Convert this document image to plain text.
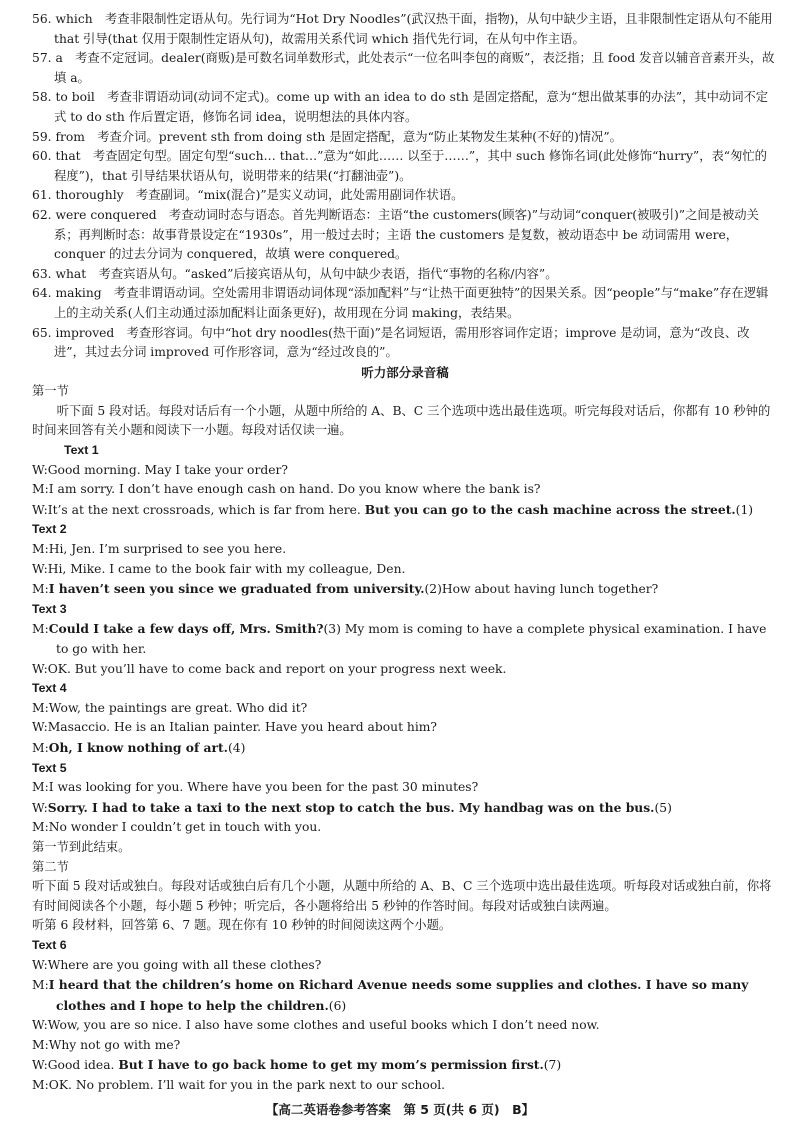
56. which　考查非限制性定语从句。先行词为“Hot Dry Noodles”(武汉热干面，指物)，从句中缺少主语，且非限制性定语从句不能用 that 引导(that 仅用于限制性定语从句)，故需用关系代词 which 指代先行词，在从句中作主语。

57. a　考查不定冠词。dealer(商贩)是可数名词单数形式，此处表示“一位名叫李包的商贩”，表泛指；且 food 发音以辅音音素开头，故填 a。

58. to boil　考查非谓语动词(动词不定式)。come up with an idea to do sth 是固定搭配，意为“想出做某事的办法”，其中动词不定式 to do sth 作后置定语，修饰名词 idea，说明想法的具体内容。

59. from　考查介词。prevent sth from doing sth 是固定搭配，意为“防止某物发生某种(不好的)情况”。

60. that　考查固定句型。固定句型“such… that…”意为“如此…… 以至于……”，其中 such 修饰名词(此处修饰“hurry”，表“匆忙的程度”)，that 引导结果状语从句，说明带来的结果(“打翻油壶”)。

61. thoroughly　考查副词。“mix(混合)”是实义动词，此处需用副词作状语。

62. were conquered　考查动词时态与语态。首先判断语态：主语“the customers(顾客)”与动词“conquer(被吸引)”之间是被动关系；再判断时态：故事背景设定在“1930s”，用一般过去时；主语 the customers 是复数，被动语态中 be 动词需用 were，conquer 的过去分词为 conquered，故填 were conquered。

63. what　考查宾语从句。“asked”后接宾语从句，从句中缺少表语，指代“事物的名称/内容”。

64. making　考查非谓语动词。空处需用非谓语动词体现“添加配料”与“让热干面更独特”的因果关系。因“people”与“make”存在逻辑上的主动关系(人们主动通过添加配料让面条更好)，故用现在分词 making，表结果。

65. improved　考查形容词。句中“hot dry noodles(热干面)”是名词短语，需用形容词作定语；improve 是动词，意为“改良、改进”，其过去分词 improved 可作形容词，意为“经过改良的”。

听力部分录音稿

第一节

听下面 5 段对话。每段对话后有一个小题，从题中所给的 A、B、C 三个选项中选出最佳选项。听完每段对话后，你都有 10 秒钟的时间来回答有关小题和阅读下一小题。每段对话仅读一遍。

Text 1

W:Good morning. May I take your order?

M:I am sorry. I don’t have enough cash on hand. Do you know where the bank is?

W:It’s at the next crossroads, which is far from here. But you can go to the cash machine across the street.(1)

Text 2

M:Hi, Jen. I’m surprised to see you here.

W:Hi, Mike. I came to the book fair with my colleague, Den.

M:I haven’t seen you since we graduated from university.(2)How about having lunch together?

Text 3

M:Could I take a few days off, Mrs. Smith?(3) My mom is coming to have a complete physical examination. I have to go with her.

W:OK. But you’ll have to come back and report on your progress next week.

Text 4

M:Wow, the paintings are great. Who did it?

W:Masaccio. He is an Italian painter. Have you heard about him?

M:Oh, I know nothing of art.(4)

Text 5

M:I was looking for you. Where have you been for the past 30 minutes?

W:Sorry. I had to take a taxi to the next stop to catch the bus. My handbag was on the bus.(5)

M:No wonder I couldn’t get in touch with you.

第一节到此结束。

第二节

听下面 5 段对话或独白。每段对话或独白后有几个小题，从题中所给的 A、B、C 三个选项中选出最佳选项。听每段对话或独白前，你将有时间阅读各个小题，每小题 5 秒钟；听完后，各小题将给出 5 秒钟的作答时间。每段对话或独白读两遍。

听第 6 段材料，回答第 6、7 题。现在你有 10 秒钟的时间阅读这两个小题。

Text 6

W:Where are you going with all these clothes?

M:I heard that the children’s home on Richard Avenue needs some supplies and clothes. I have so many clothes and I hope to help the children.(6)

W:Wow, you are so nice. I also have some clothes and useful books which I don’t need now.

M:Why not go with me?

W:Good idea. But I have to go back home to get my mom’s permission first.(7)

M:OK. No problem. I’ll wait for you in the park next to our school.

【高二英语卷参考答案　第 5 页(共 6 页)　B】
